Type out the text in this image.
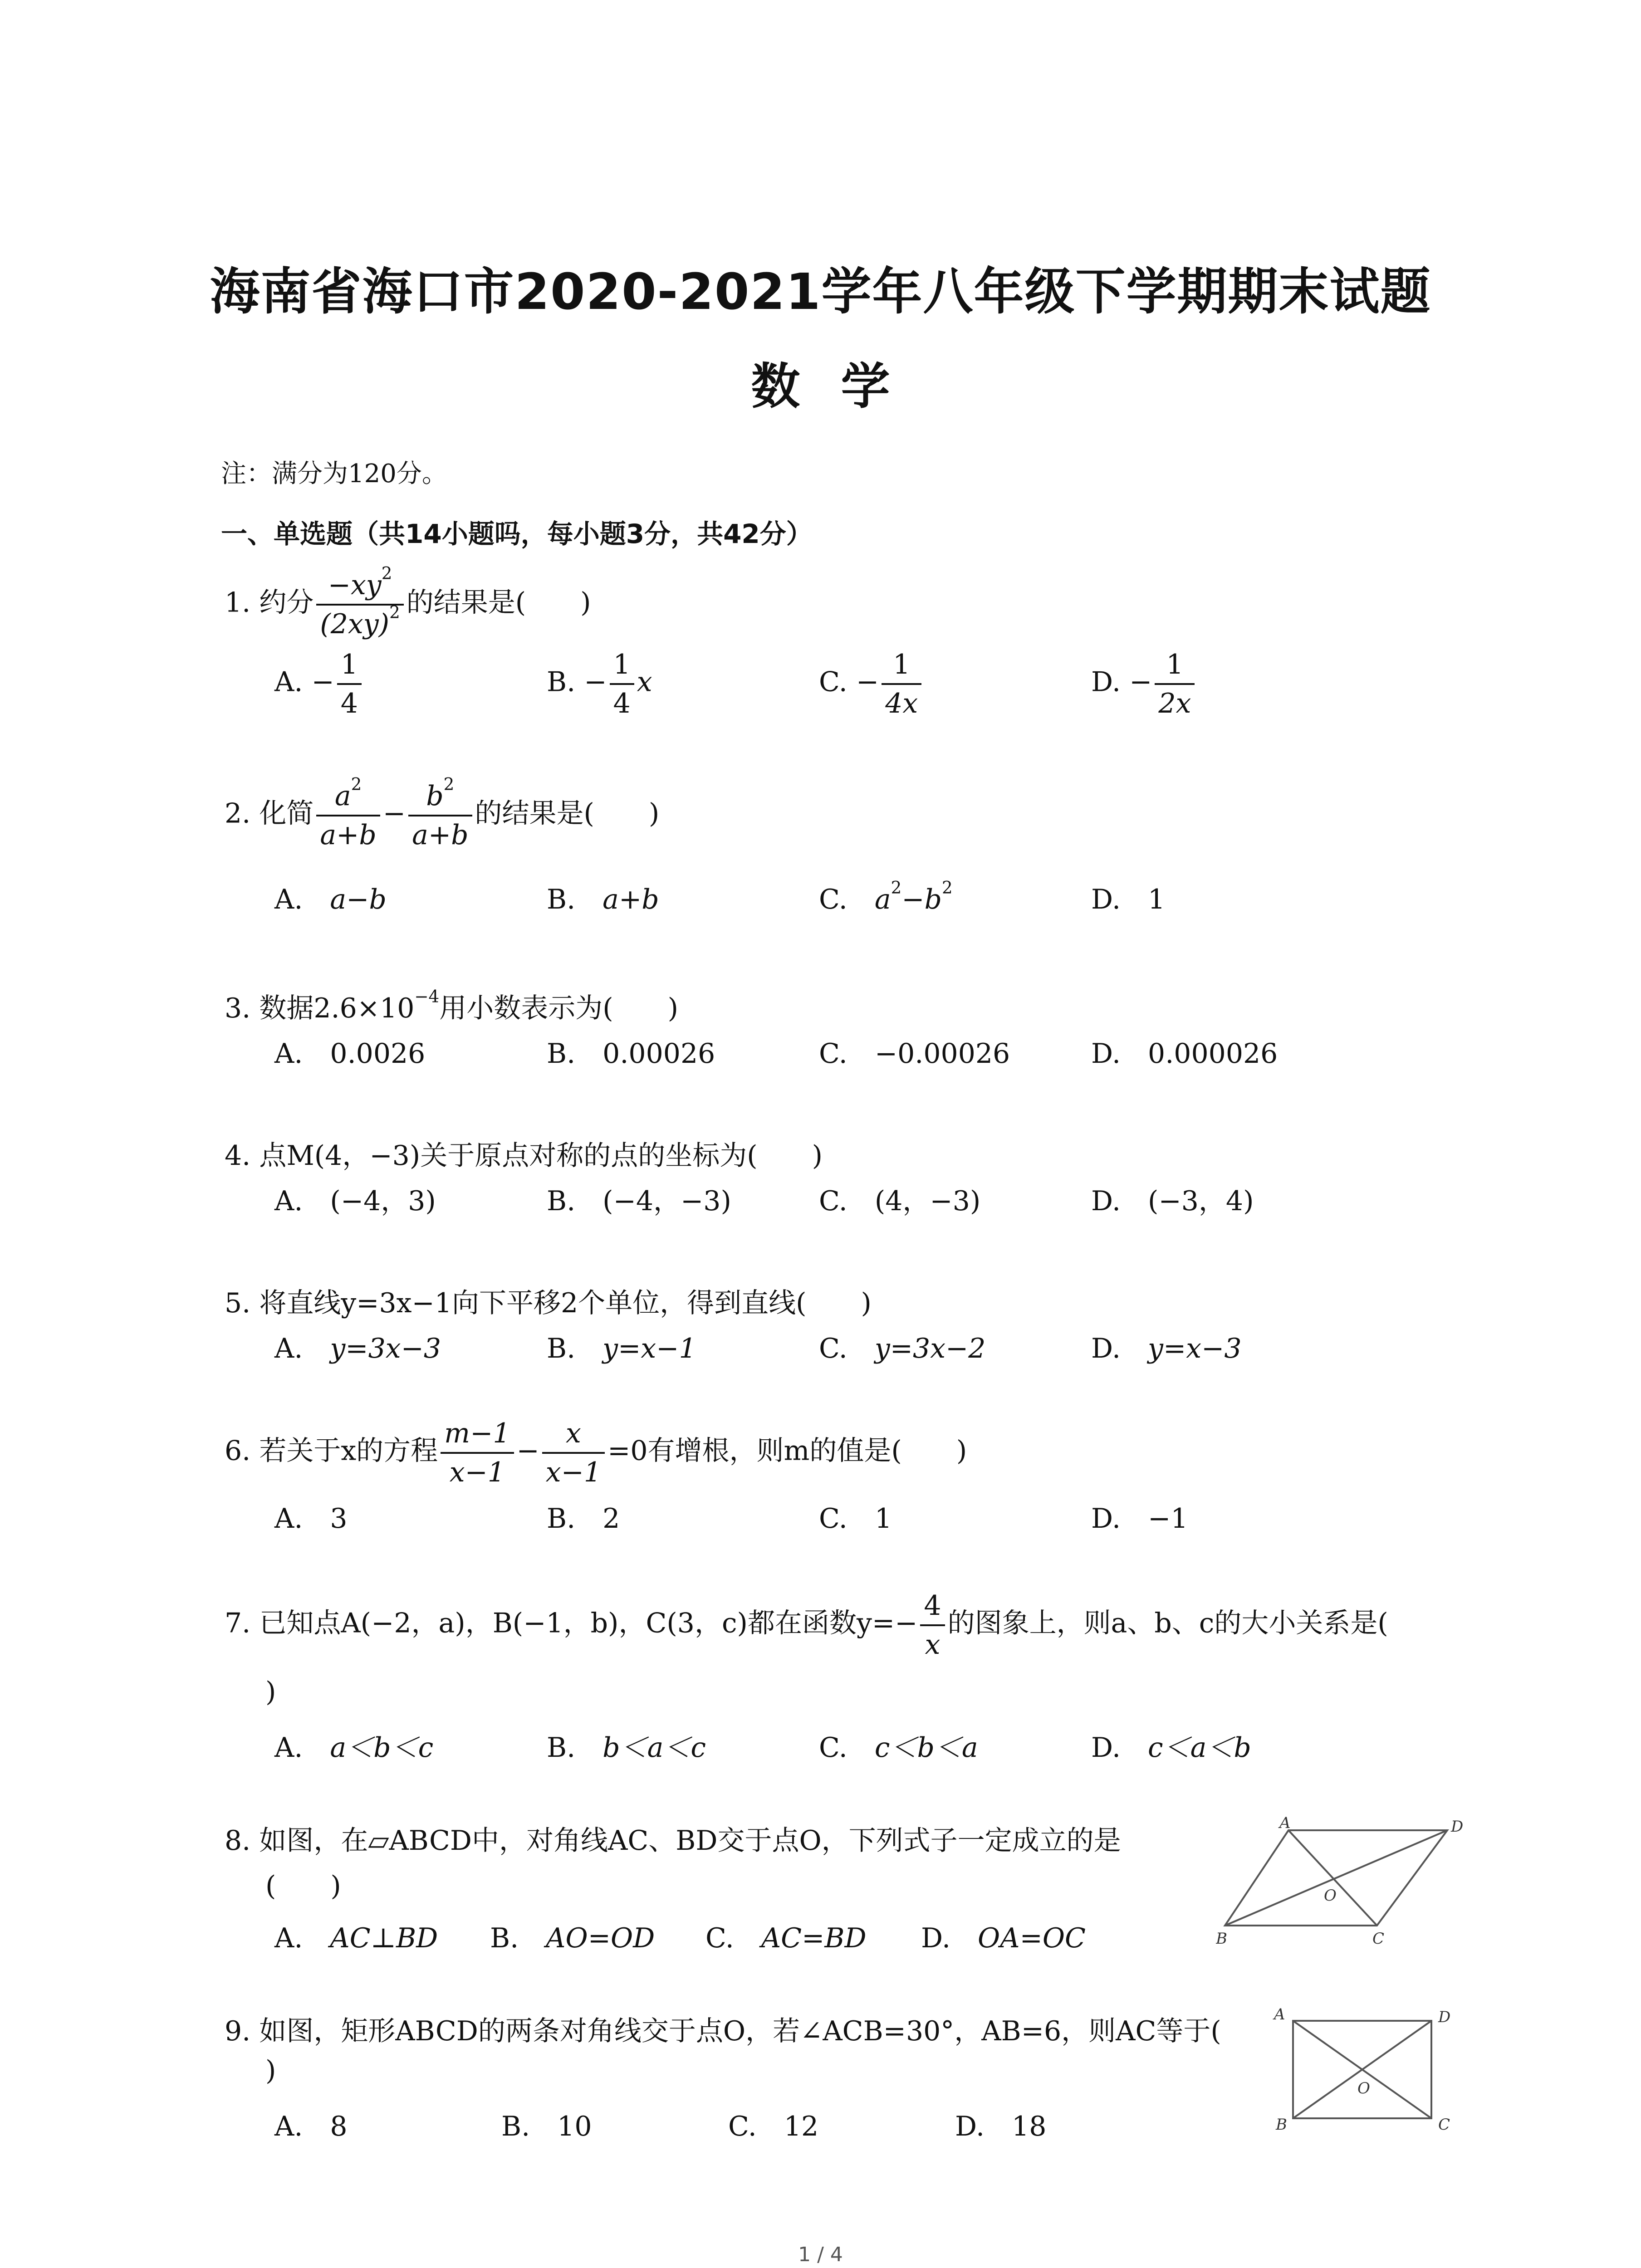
海南省海口市2020-2021学年八年级下学期期末试题
数学
注：满分为120分。
一、单选题（共14小题吗，每小题3分，共42分）
1. 约分 $\frac{-xy^2}{(2xy)^2}$ 的结果是(　　)
A. − $\frac{1}{4}$	B. − $\frac{1}{4}$ x	C. − $\frac{1}{4x}$	D. − $\frac{1}{2x}$
2. 化简 $\frac{a^2}{a+b} - \frac{b^2}{a+b}$ 的结果是(　　)
A.　 a−b	B.　 a+b	C.　 $a^2-b^2$	D.　 1
3. 数据$2.6\times 10^{-4}$用小数表示为(　　)
A.　 0.0026	B.　 0.00026	C.　 −0.00026	D.　 0.000026
4. 点M(4，−3)关于原点对称的点的坐标为(　　)
A.　 (−4，3)	B.　 (−4，−3)	C.　 (4，−3)	D.　 (−3，4)
5. 将直线y=3x−1向下平移2个单位，得到直线(　　)
A.　 y=3x−3	B.　 y=x−1	C.　 y=3x−2	D.　 y=x−3
6. 若关于x的方程 $\frac{m-1}{x-1} - \frac{x}{x-1} =0$有增根，则m的值是(　　)
A.　 3	B.　 2	C.　 1	D.　 −1
7. 已知点A(−2，a)，B(−1，b)，C(3，c)都在函数$y=- \frac{4}{x}$ 的图象上，则a、b、c的大小关系是(
)
A.　 a＜b＜c	B.　 b＜a＜c	C.　 c＜b＜a	D.　 c＜a＜b
8. 如图，在▱ABCD中，对角线AC、BD交于点O，下列式子一定成立的是
(　　)
A.　 AC⊥BD B.　 AO=OD C.　 AC=BD D.　 OA=OC
A	D
B	C
O
9. 如图，矩形ABCD的两条对角线交于点O，若∠ACB=30°，AB=6，则AC等于(
)
A.　 8	B.　 10	C.　 12	D.　 18
A	D
B	C
O
1 / 4
